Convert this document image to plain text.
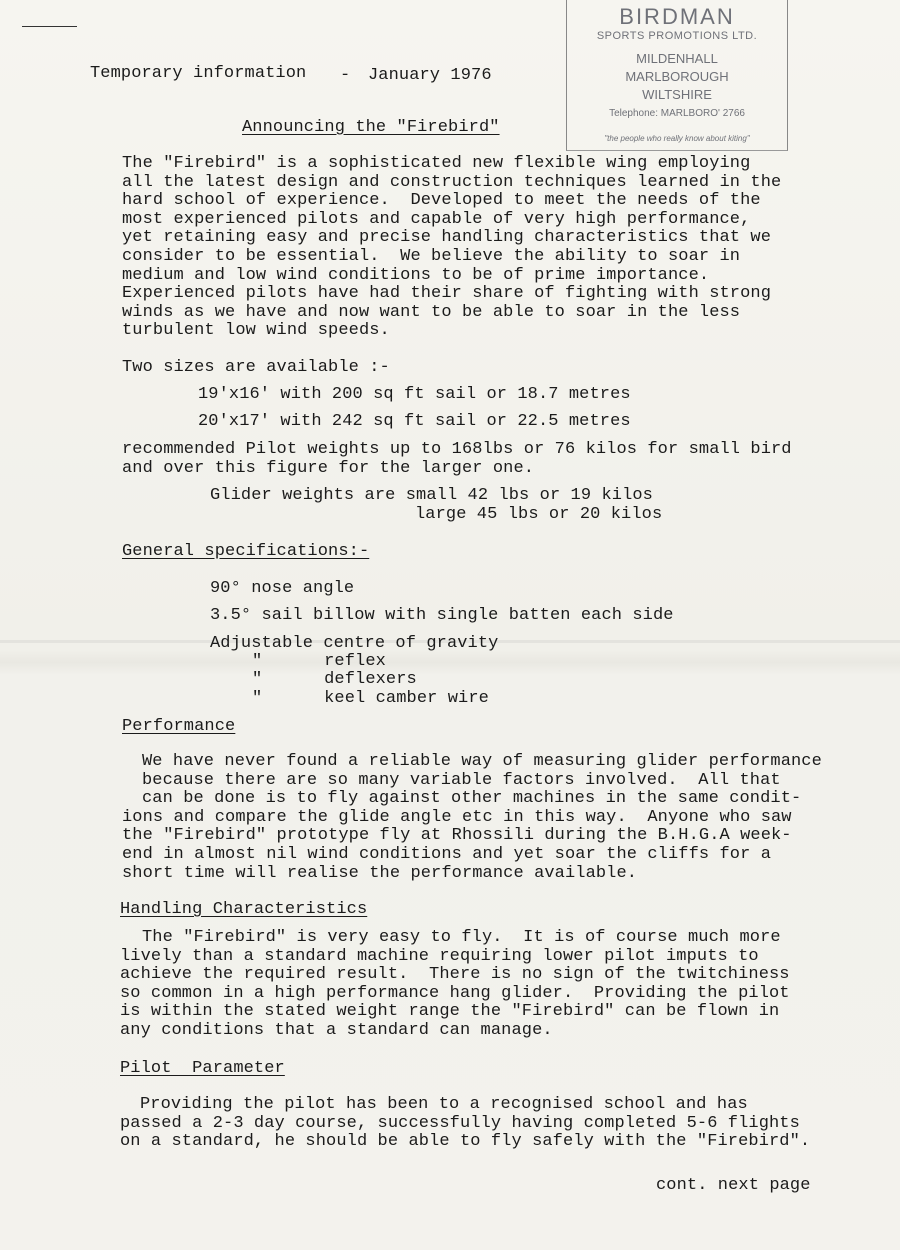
BIRDMAN
SPORTS PROMOTIONS LTD.
MILDENHALL
MARLBOROUGH
WILTSHIRE
Telephone: MARLBORO' 2766
"the people who really know about kiting"
Temporary information - January 1976
Announcing the "Firebird"
The "Firebird" is a sophisticated new flexible wing employing
all the latest design and construction techniques learned in the
hard school of experience.  Developed to meet the needs of the
most experienced pilots and capable of very high performance,
yet retaining easy and precise handling characteristics that we
consider to be essential.  We believe the ability to soar in
medium and low wind conditions to be of prime importance.
Experienced pilots have had their share of fighting with strong
winds as we have and now want to be able to soar in the less
turbulent low wind speeds.
Two sizes are available :-
19'x16' with 200 sq ft sail or 18.7 metres
20'x17' with 242 sq ft sail or 22.5 metres
recommended Pilot weights up to 168lbs or 76 kilos for small bird
and over this figure for the larger one.
Glider weights are small 42 lbs or 19 kilos
large 45 lbs or 20 kilos
General specifications:-
90° nose angle
3.5° sail billow with single batten each side
Adjustable centre of gravity
"      reflex
"      deflexers
"      keel camber wire
Performance
We have never found a reliable way of measuring glider performance
because there are so many variable factors involved.  All that
can be done is to fly against other machines in the same condit-
ions and compare the glide angle etc in this way.  Anyone who saw
the "Firebird" prototype fly at Rhossili during the B.H.G.A week-
end in almost nil wind conditions and yet soar the cliffs for a
short time will realise the performance available.
Handling Characteristics
The "Firebird" is very easy to fly.  It is of course much more
lively than a standard machine requiring lower pilot imputs to
achieve the required result.  There is no sign of the twitchiness
so common in a high performance hang glider.  Providing the pilot
is within the stated weight range the "Firebird" can be flown in
any conditions that a standard can manage.
Pilot  Parameter
Providing the pilot has been to a recognised school and has
passed a 2-3 day course, successfully having completed 5-6 flights
on a standard, he should be able to fly safely with the "Firebird".
cont. next page
